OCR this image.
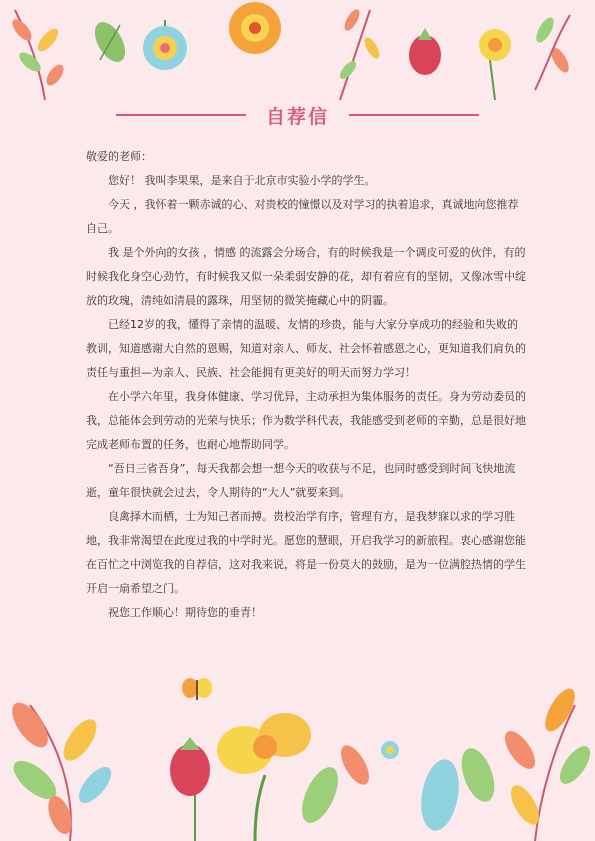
自荐信

敬爱的老师：

您好！ 我叫李果果，是来自于北京市实验小学的学生。

今天 ，我怀着一颗赤诚的心、对贵校的憧憬以及对学习的执着追求，真诚地向您推荐自己。

我 是个外向的女孩 ，情感 的流露会分场合，有的时候我是一个调皮可爱的伙伴，有的时候我化身空心劲竹，有时候我又似一朵柔弱安静的花，却有着应有的坚韧，又像冰雪中绽放的玫瑰，清纯如清晨的露珠，用坚韧的微笑掩藏心中的阴霾。

已经12岁的我，懂得了亲情的温暖、友情的珍贵，能与大家分享成功的经验和失败的教训，知道感谢大自然的恩赐，知道对亲人、师友、社会怀着感恩之心，更知道我们肩负的责任与重担—为亲人、民族、社会能拥有更美好的明天而努力学习！

在小学六年里，我身体健康、学习优异，主动承担为集体服务的责任。身为劳动委员的我，总能体会到劳动的光荣与快乐；作为数学科代表，我能感受到老师的辛勤，总是很好地完成老师布置的任务，也耐心地帮助同学。

“吾日三省吾身”，每天我都会想一想今天的收获与不足，也同时感受到时间飞快地流逝，童年很快就会过去，令人期待的“大人”就要来到。

良禽择木而栖，士为知己者而搏。贵校治学有序，管理有方，是我梦寐以求的学习胜地，我非常渴望在此度过我的中学时光。愿您的慧眼，开启我学习的新旅程。衷心感谢您能在百忙之中浏览我的自荐信，这对我来说，将是一份莫大的鼓励，是为一位满腔热情的学生开启一扇希望之门。

祝您工作顺心！期待您的垂青！
